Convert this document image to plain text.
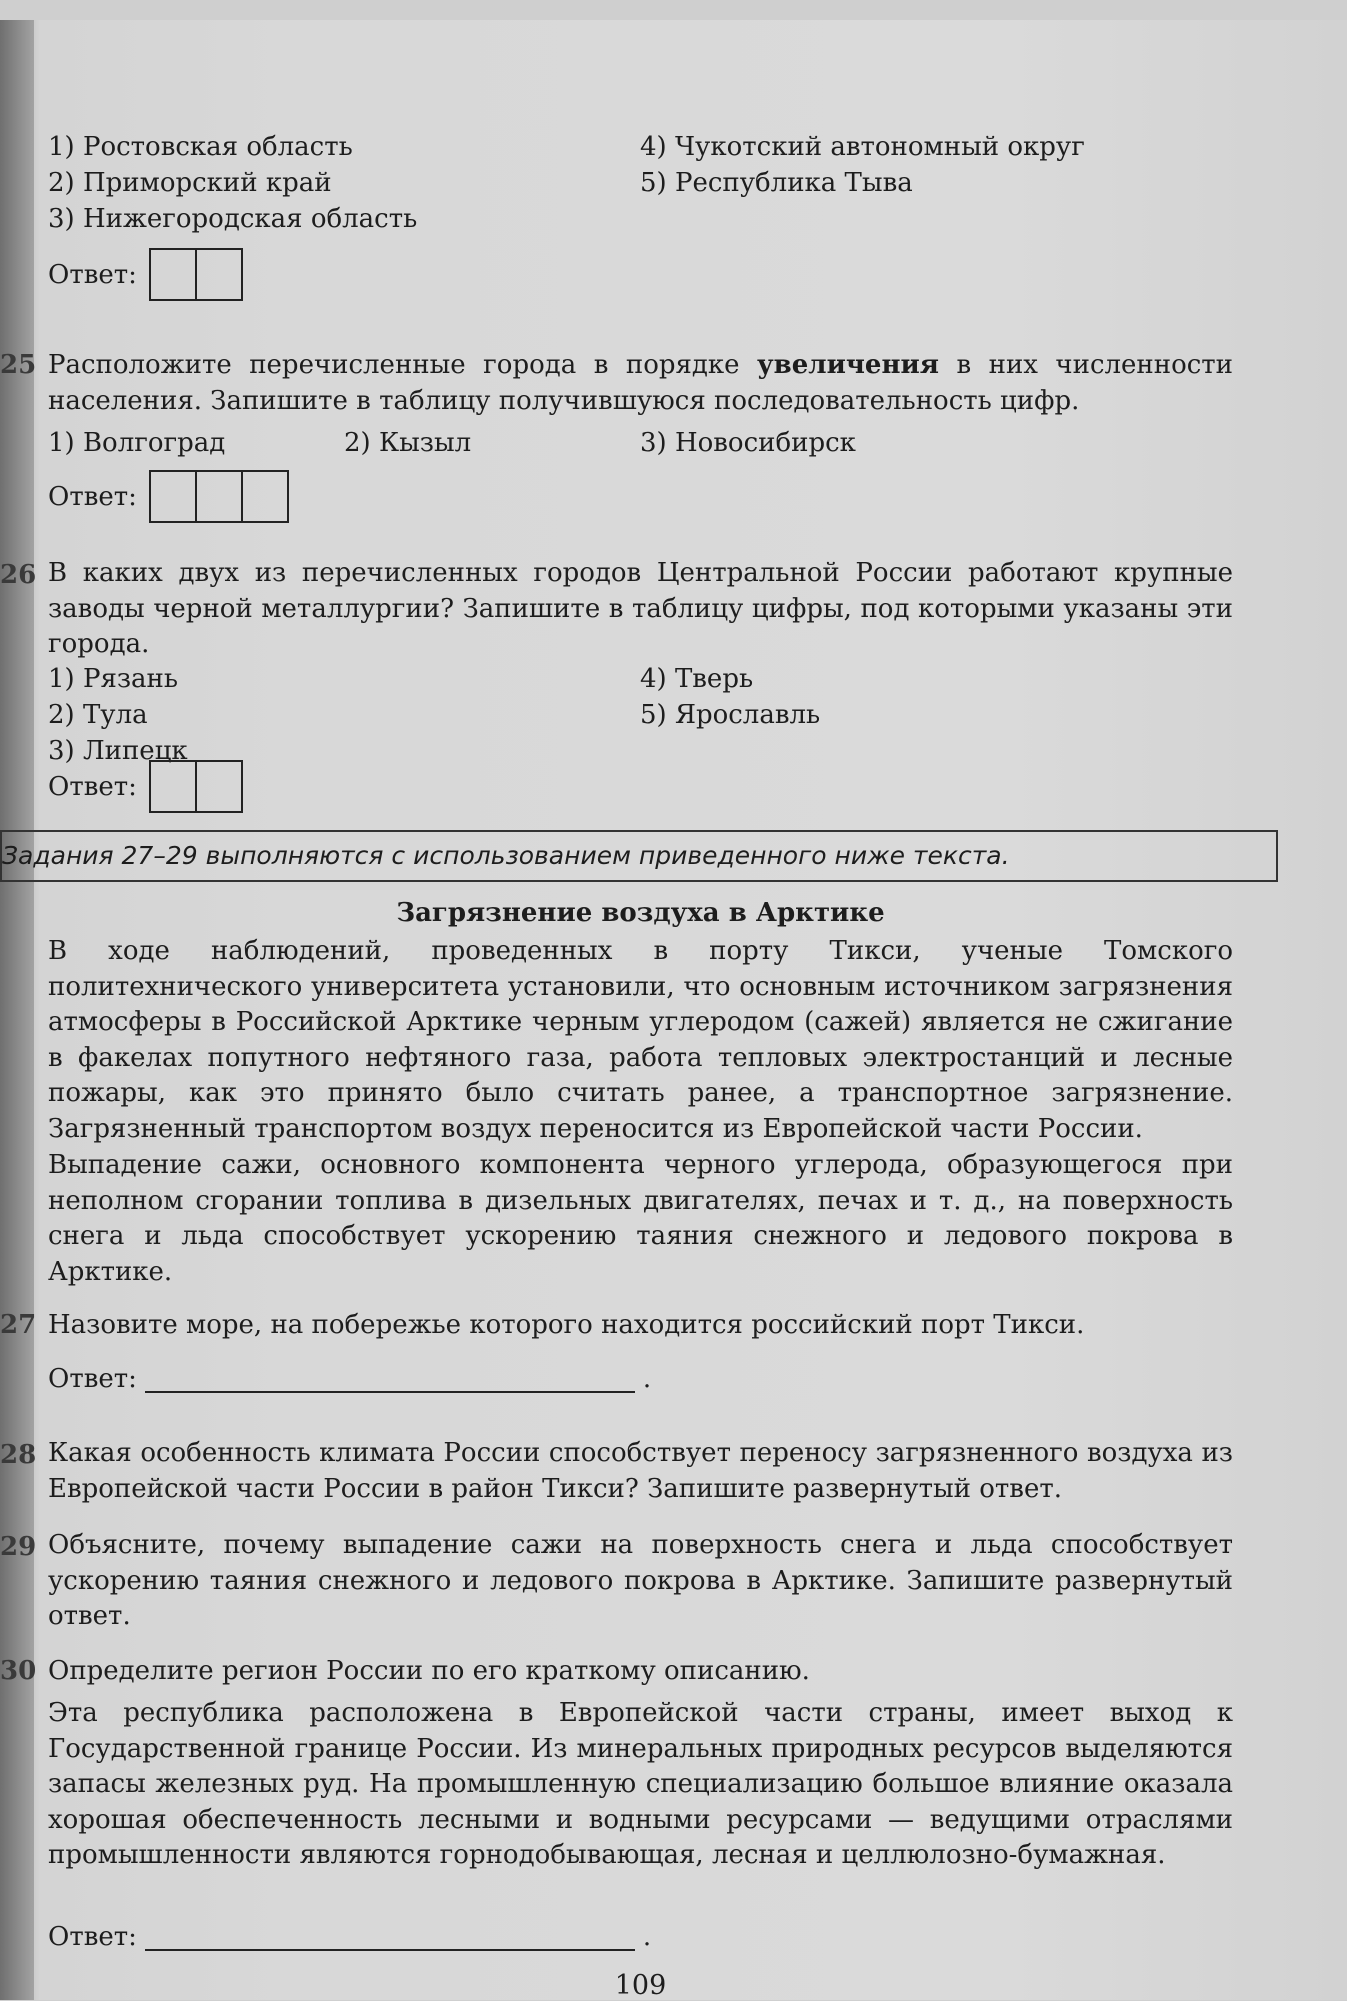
1) Ростовская область
2) Приморский край
3) Нижегородская область
4) Чукотский автономный округ
5) Республика Тыва
Ответ:
25 Расположите перечисленные города в порядке увеличения в них численности населения. Запишите в таблицу получившуюся последовательность цифр.

1) Волгоград	2) Кызыл	3) Новосибирск
Ответ:
26 В каких двух из перечисленных городов Центральной России работают крупные заводы черной металлургии? Запишите в таблицу цифры, под которыми указаны эти города.

1) Рязань
2) Тула
3) Липецк
4) Тверь
5) Ярославль
Ответ:
Задания 27–29 выполняются с использованием приведенного ниже текста.
Загрязнение воздуха в Арктике

В ходе наблюдений, проведенных в порту Тикси, ученые Томского политехнического университета установили, что основным источником загрязнения атмосферы в Российской Арктике черным углеродом (сажей) является не сжигание в факелах попутного нефтяного газа, работа тепловых электростанций и лесные пожары, как это принято было считать ранее, а транспортное загрязнение. Загрязненный транспортом воздух переносится из Европейской части России.

Выпадение сажи, основного компонента черного углерода, образующегося при неполном сгорании топлива в дизельных двигателях, печах и т. д., на поверхность снега и льда способствует ускорению таяния снежного и ледового покрова в Арктике.

27 Назовите море, на побережье которого находится российский порт Тикси.

Ответ:	.
28 Какая особенность климата России способствует переносу загрязненного воздуха из Европейской части России в район Тикси? Запишите развернутый ответ.

29 Объясните, почему выпадение сажи на поверхность снега и льда способствует ускорению таяния снежного и ледового покрова в Арктике. Запишите развернутый ответ.

30 Определите регион России по его краткому описанию.

Эта республика расположена в Европейской части страны, имеет выход к Государственной границе России. Из минеральных природных ресурсов выделяются запасы железных руд. На промышленную специализацию большое влияние оказала хорошая обеспеченность лесными и водными ресурсами — ведущими отраслями промышленности являются горнодобывающая, лесная и целлюлозно-бумажная.

Ответ:	.
109
